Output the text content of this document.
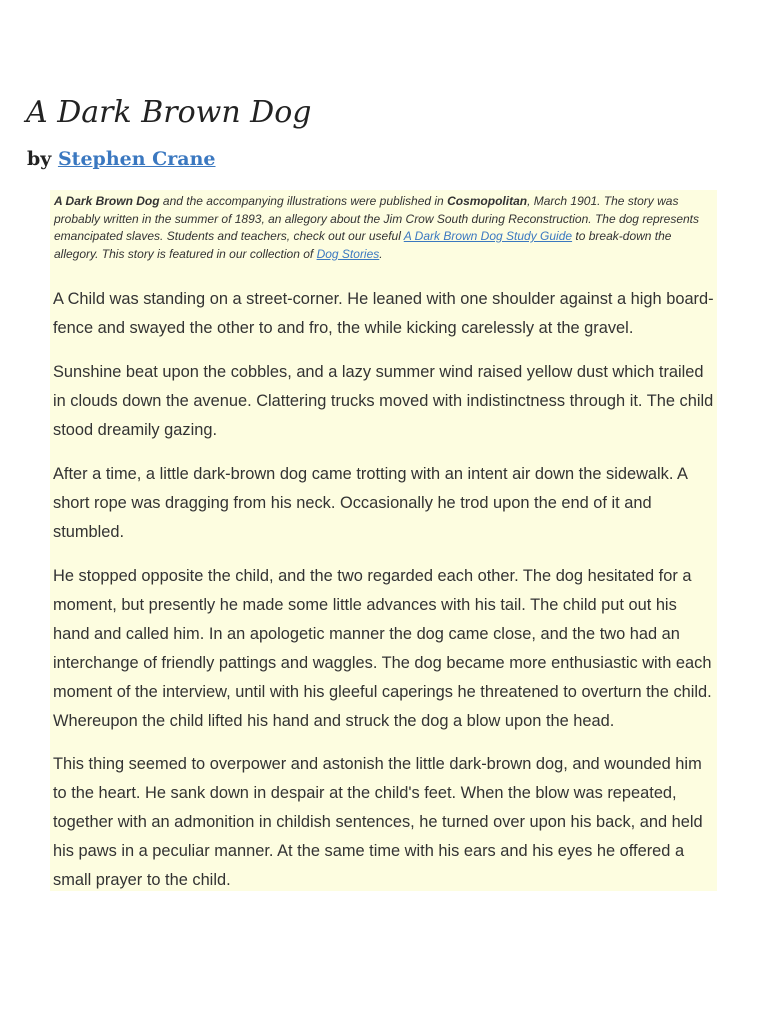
A Dark Brown Dog

by Stephen Crane

A Dark Brown Dog and the accompanying illustrations were published in Cosmopolitan, March 1901. The story was probably written in the summer of 1893, an allegory about the Jim Crow South during Reconstruction. The dog represents emancipated slaves. Students and teachers, check out our useful A Dark Brown Dog Study Guide to break-down the allegory. This story is featured in our collection of Dog Stories.

A Child was standing on a street-corner. He leaned with one shoulder against a high board-fence and swayed the other to and fro, the while kicking carelessly at the gravel.

Sunshine beat upon the cobbles, and a lazy summer wind raised yellow dust which trailed in clouds down the avenue. Clattering trucks moved with indistinctness through it. The child stood dreamily gazing.

After a time, a little dark-brown dog came trotting with an intent air down the sidewalk. A short rope was dragging from his neck. Occasionally he trod upon the end of it and stumbled.

He stopped opposite the child, and the two regarded each other. The dog hesitated for a moment, but presently he made some little advances with his tail. The child put out his hand and called him. In an apologetic manner the dog came close, and the two had an interchange of friendly pattings and waggles. The dog became more enthusiastic with each moment of the interview, until with his gleeful caperings he threatened to overturn the child. Whereupon the child lifted his hand and struck the dog a blow upon the head.

This thing seemed to overpower and astonish the little dark-brown dog, and wounded him to the heart. He sank down in despair at the child's feet. When the blow was repeated, together with an admonition in childish sentences, he turned over upon his back, and held his paws in a peculiar manner. At the same time with his ears and his eyes he offered a small prayer to the child.
